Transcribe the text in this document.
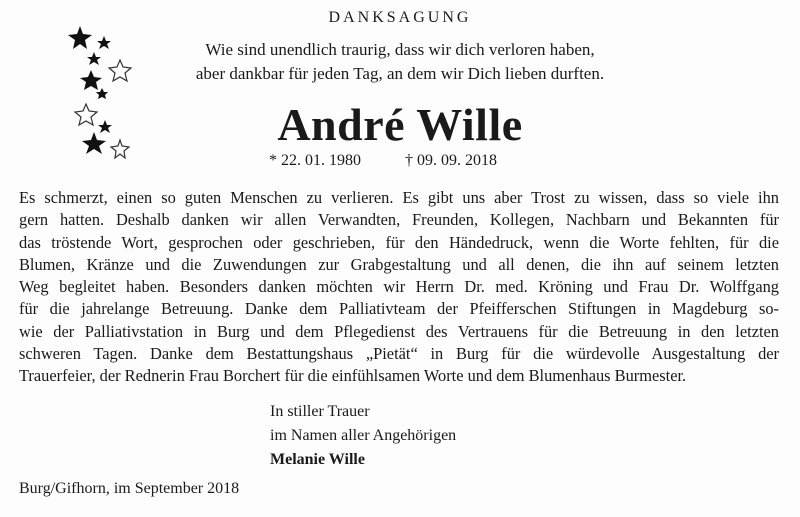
DANKSAGUNG
Wie sind unendlich traurig, dass wir dich verloren haben,
aber dankbar für jeden Tag, an dem wir Dich lieben durften.
André Wille
* 22. 01. 1980	† 09. 09. 2018
Es schmerzt, einen so guten Menschen zu verlieren. Es gibt uns aber Trost zu wissen, dass so viele ihn
gern hatten. Deshalb danken wir allen Verwandten, Freunden, Kollegen, Nachbarn und Bekannten für
das tröstende Wort, gesprochen oder geschrieben, für den Händedruck, wenn die Worte fehlten, für die
Blumen, Kränze und die Zuwendungen zur Grabgestaltung und all denen, die ihn auf seinem letzten
Weg begleitet haben. Besonders danken möchten wir Herrn Dr. med. Kröning und Frau Dr. Wolffgang
für die jahrelange Betreuung. Danke dem Palliativteam der Pfeifferschen Stiftungen in Magdeburg so-
wie der Palliativstation in Burg und dem Pflegedienst des Vertrauens für die Betreuung in den letzten
schweren Tagen. Danke dem Bestattungshaus „Pietät“ in Burg für die würdevolle Ausgestaltung der
Trauerfeier, der Rednerin Frau Borchert für die einfühlsamen Worte und dem Blumenhaus Burmester.
In stiller Trauer
im Namen aller Angehörigen
Melanie Wille
Burg/Gifhorn, im September 2018
